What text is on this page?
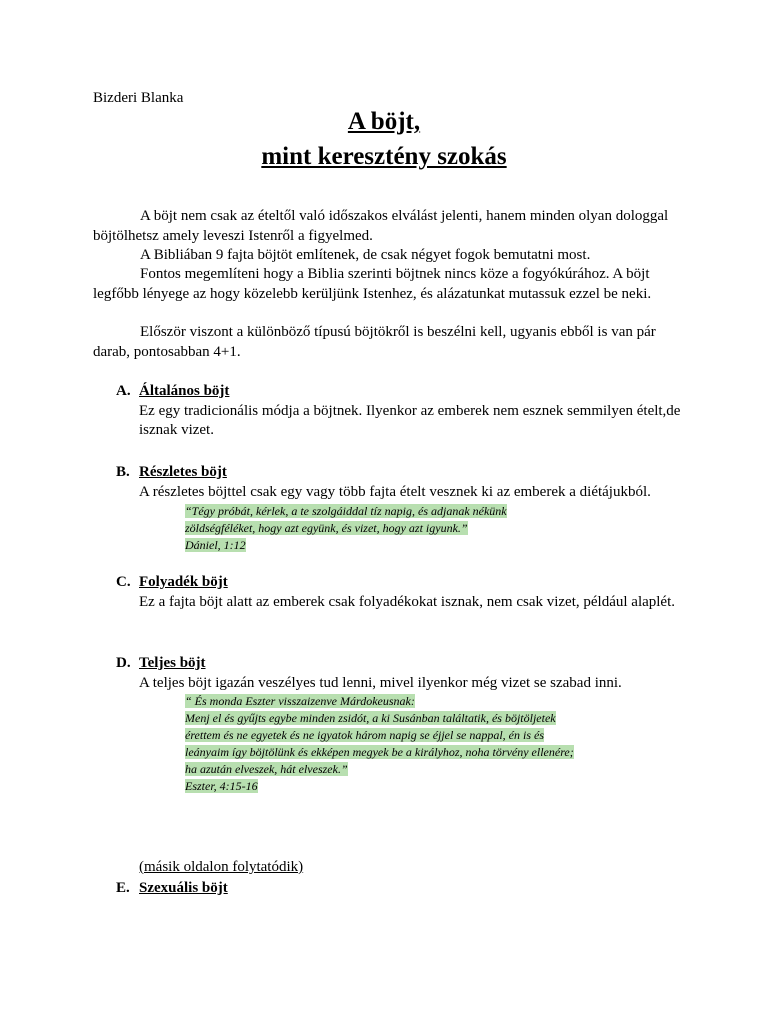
Bizderi Blanka
A böjt,
mint keresztény szokás
A böjt nem csak az ételtől való időszakos elválást jelenti, hanem minden olyan dologgal böjtölhetsz amely leveszi Istenről a figyelmed.
A Bibliában 9 fajta böjtöt említenek, de csak négyet fogok bemutatni most.
Fontos megemlíteni hogy a Biblia szerinti böjtnek nincs köze a fogyókúrához. A böjt legfőbb lényege az hogy közelebb kerüljünk Istenhez, és alázatunkat mutassuk ezzel be neki.
Először viszont a különböző típusú böjtökről is beszélni kell, ugyanis ebből is van pár darab, pontosabban 4+1.
A. Általános böjt
Ez egy tradicionális módja a böjtnek. Ilyenkor az emberek nem esznek semmilyen ételt,de isznak vizet.
B. Részletes böjt
A részletes böjttel csak egy vagy több fajta ételt vesznek ki az emberek a diétájukból.
“Tégy próbát, kérlek, a te szolgáiddal tíz napig, és adjanak nékünk
zöldségféléket, hogy azt együnk, és vizet, hogy azt igyunk.”
Dániel, 1:12
C. Folyadék böjt
Ez a fajta böjt alatt az emberek csak folyadékokat isznak, nem csak vizet, például alaplét.
D. Teljes böjt
A teljes böjt igazán veszélyes tud lenni, mivel ilyenkor még vizet se szabad inni.
“ És monda Eszter visszaizenve Márdokeusnak:
Menj el és gyűjts egybe minden zsidót, a ki Susánban találtatik, és böjtöljetek
érettem és ne egyetek és ne igyatok három napig se éjjel se nappal, én is és
leányaim így böjtölünk és ekképen megyek be a királyhoz, noha törvény ellenére;
ha azután elveszek, hát elveszek.”
Eszter, 4:15-16
(másik oldalon folytatódik)
E. Szexuális böjt
